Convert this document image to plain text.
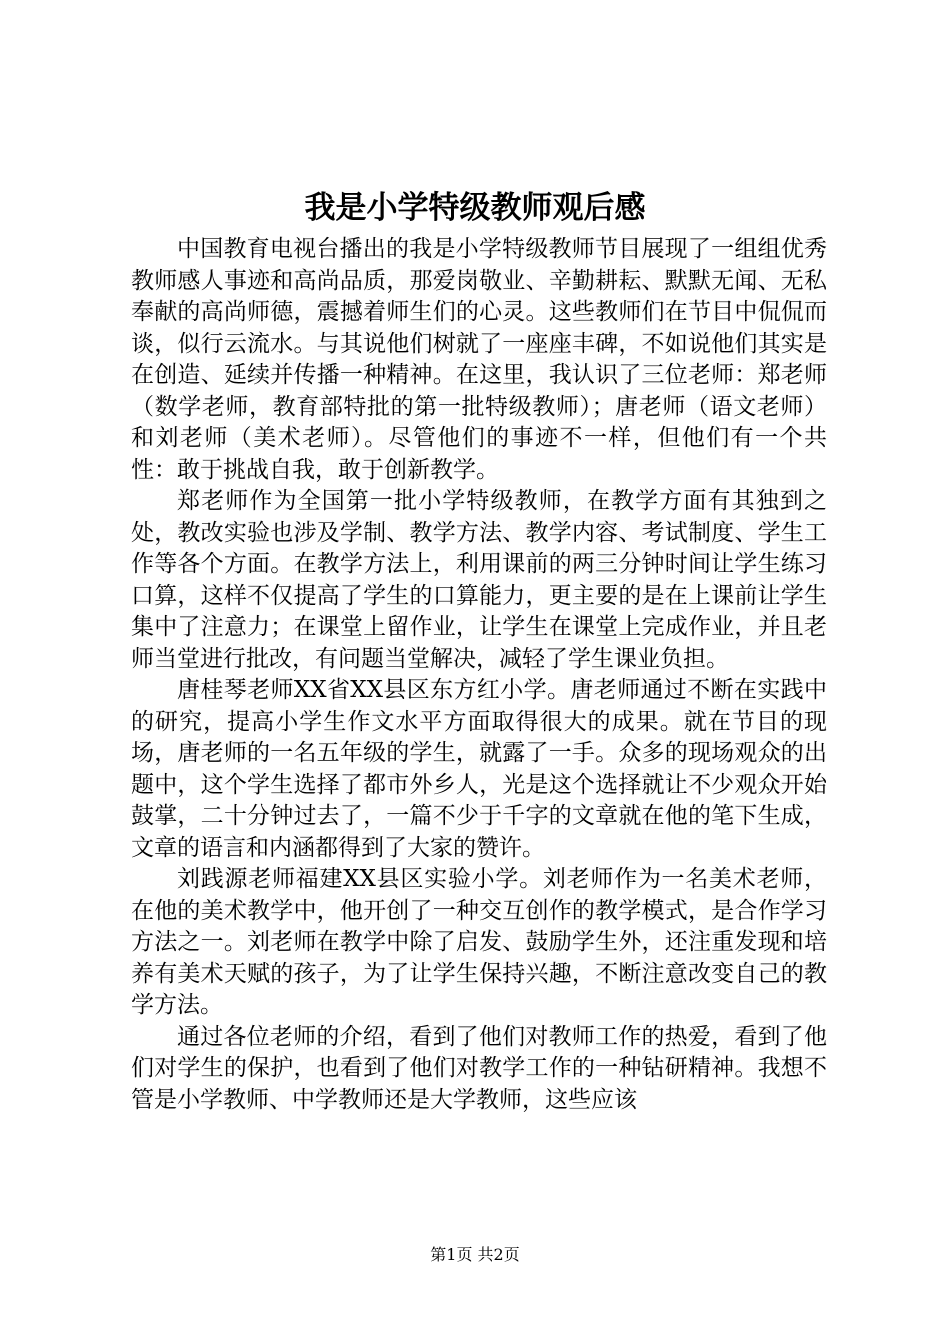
我是小学特级教师观后感

中国教育电视台播出的我是小学特级教师节目展现了一组组优秀教师感人事迹和高尚品质，那爱岗敬业、辛勤耕耘、默默无闻、无私奉献的高尚师德，震撼着师生们的心灵。这些教师们在节目中侃侃而谈，似行云流水。与其说他们树就了一座座丰碑，不如说他们其实是在创造、延续并传播一种精神。在这里，我认识了三位老师：郑老师（数学老师，教育部特批的第一批特级教师）；唐老师（语文老师）和刘老师（美术老师）。尽管他们的事迹不一样，但他们有一个共性：敢于挑战自我，敢于创新教学。

郑老师作为全国第一批小学特级教师，在教学方面有其独到之处，教改实验也涉及学制、教学方法、教学内容、考试制度、学生工作等各个方面。在教学方法上，利用课前的两三分钟时间让学生练习口算，这样不仅提高了学生的口算能力，更主要的是在上课前让学生集中了注意力；在课堂上留作业，让学生在课堂上完成作业，并且老师当堂进行批改，有问题当堂解决，减轻了学生课业负担。

唐桂琴老师XX省XX县区东方红小学。唐老师通过不断在实践中的研究，提高小学生作文水平方面取得很大的成果。就在节目的现场，唐老师的一名五年级的学生，就露了一手。众多的现场观众的出题中，这个学生选择了都市外乡人，光是这个选择就让不少观众开始鼓掌，二十分钟过去了，一篇不少于千字的文章就在他的笔下生成，文章的语言和内涵都得到了大家的赞许。

刘践源老师福建XX县区实验小学。刘老师作为一名美术老师，在他的美术教学中，他开创了一种交互创作的教学模式，是合作学习方法之一。刘老师在教学中除了启发、鼓励学生外，还注重发现和培养有美术天赋的孩子，为了让学生保持兴趣，不断注意改变自己的教学方法。

通过各位老师的介绍，看到了他们对教师工作的热爱，看到了他们对学生的保护，也看到了他们对教学工作的一种钻研精神。我想不管是小学教师、中学教师还是大学教师，这些应该

第1页 共2页
